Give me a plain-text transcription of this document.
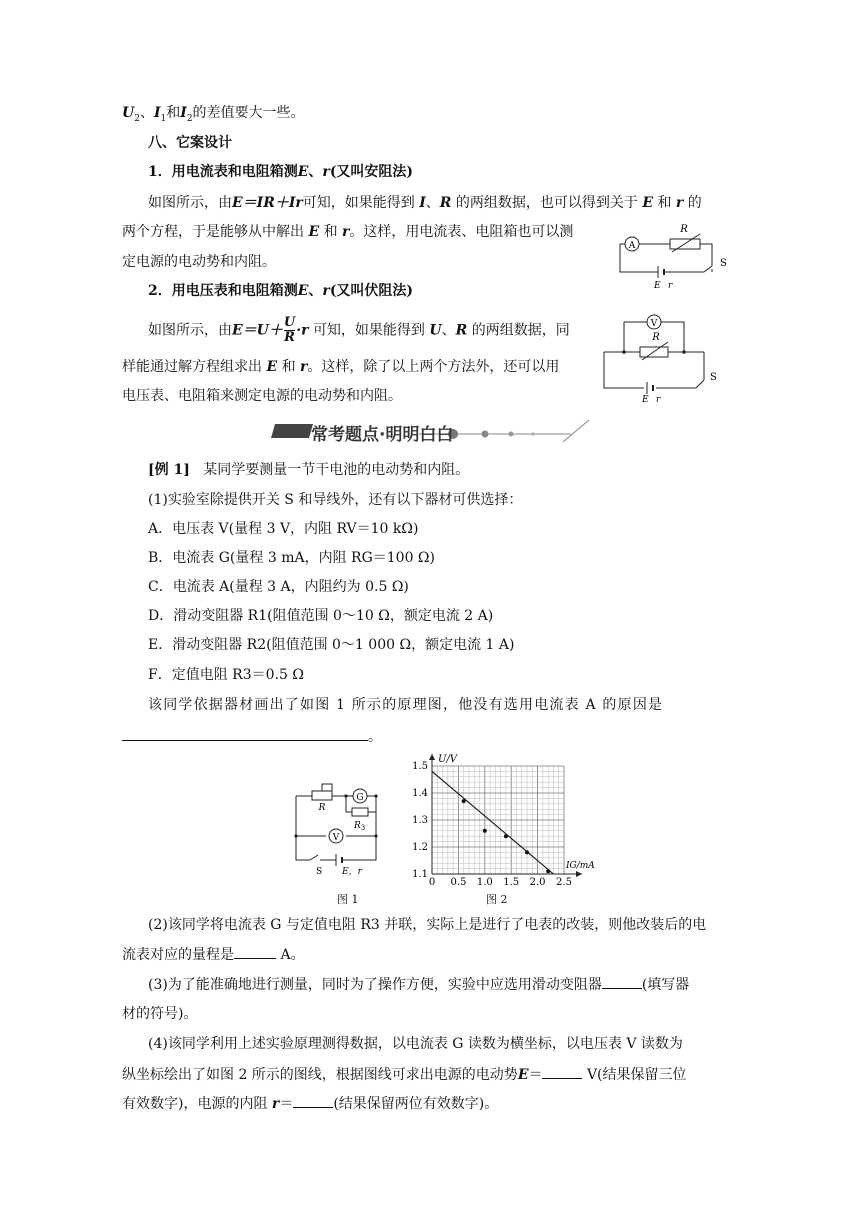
$U_2$、$I_1$和$I_2$的差值要大一些。
八、它案设计
1．用电流表和电阻箱测E、r(又叫安阻法)
如图所示，由E＝IR＋Ir可知，如果能得到 I、R 的两组数据，也可以得到关于 E 和 r 的
两个方程，于是能够从中解出 E 和 r。这样，用电流表、电阻箱也可以测
定电源的电动势和内阻。
A
R
S
E r
2．用电压表和电阻箱测E、r(又叫伏阻法)
如图所示，由$E=U+ \frac{U}{R} \cdot r$ 可知，如果能得到 U、R 的两组数据，同
样能通过解方程组求出 E 和 r。这样，除了以上两个方法外，还可以用
电压表、电阻箱来测定电源的电动势和内阻。
V
R
S
E r
常考题点·明明白白
[例 1] 某同学要测量一节干电池的电动势和内阻。
(1)实验室除提供开关 S 和导线外，还有以下器材可供选择：
A．电压表 V(量程 3 V，内阻 RV＝10 kΩ)
B．电流表 G(量程 3 mA，内阻 RG＝100 Ω)
C．电流表 A(量程 3 A，内阻约为 0.5 Ω)
D．滑动变阻器 R1(阻值范围 0～10 Ω，额定电流 2 A)
E．滑动变阻器 R2(阻值范围 0～1 000 Ω，额定电流 1 A)
F．定值电阻 R3＝0.5 Ω
该同学依据器材画出了如图 1 所示的原理图，他没有选用电流表 A 的原因是
。
V
R
G
$R_3$
S E，r
图 1
0 0.5 1.0 1.5 2.0 2.5
1.1
1.2
1.3
1.4
1.5
U/V
IG/mA
图 2
(2)该同学将电流表 G 与定值电阻 R3 并联，实际上是进行了电表的改装，则他改装后的电
流表对应的量程是	A。
(3)为了能准确地进行测量，同时为了操作方便，实验中应选用滑动变阻器	(填写器
材的符号)。
(4)该同学利用上述实验原理测得数据，以电流表 G 读数为横坐标，以电压表 V 读数为
纵坐标绘出了如图 2 所示的图线，根据图线可求出电源的电动势E＝	V(结果保留三位
有效数字)，电源的内阻 r＝	(结果保留两位有效数字)。
